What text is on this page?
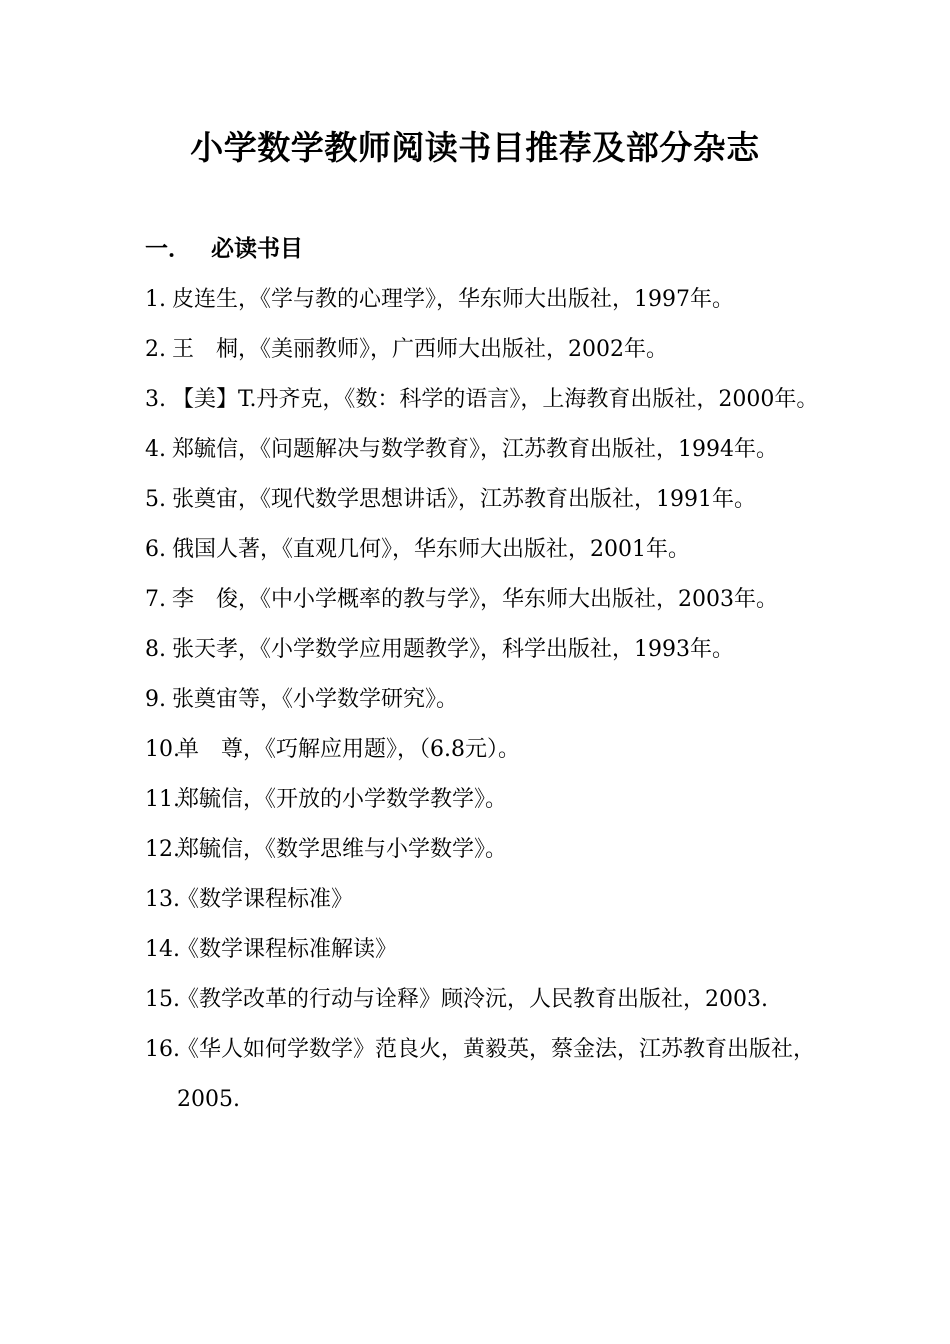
小学数学教师阅读书目推荐及部分杂志
一． 必读书目
1. 皮连生，《学与教的心理学》，华东师大出版社，1997年。
2. 王　桐，《美丽教师》，广西师大出版社，2002年。
3. 【美】T.丹齐克，《数：科学的语言》，上海教育出版社，2000年。
4. 郑毓信，《问题解决与数学教育》，江苏教育出版社，1994年。
5. 张奠宙，《现代数学思想讲话》，江苏教育出版社，1991年。
6. 俄国人著，《直观几何》，华东师大出版社，2001年。
7. 李　俊，《中小学概率的教与学》，华东师大出版社，2003年。
8. 张天孝，《小学数学应用题教学》，科学出版社，1993年。
9. 张奠宙等，《小学数学研究》。
10.
单　尊，《巧解应用题》，（6.8元）。
11.
郑毓信，《开放的小学数学教学》。
12.
郑毓信，《数学思维与小学数学》。
13.
《数学课程标准》
14.
《数学课程标准解读》
15.
《教学改革的行动与诠释》顾泠沅，人民教育出版社，2003.
16.
《华人如何学数学》范良火，黄毅英，蔡金法，江苏教育出版社，2005.
